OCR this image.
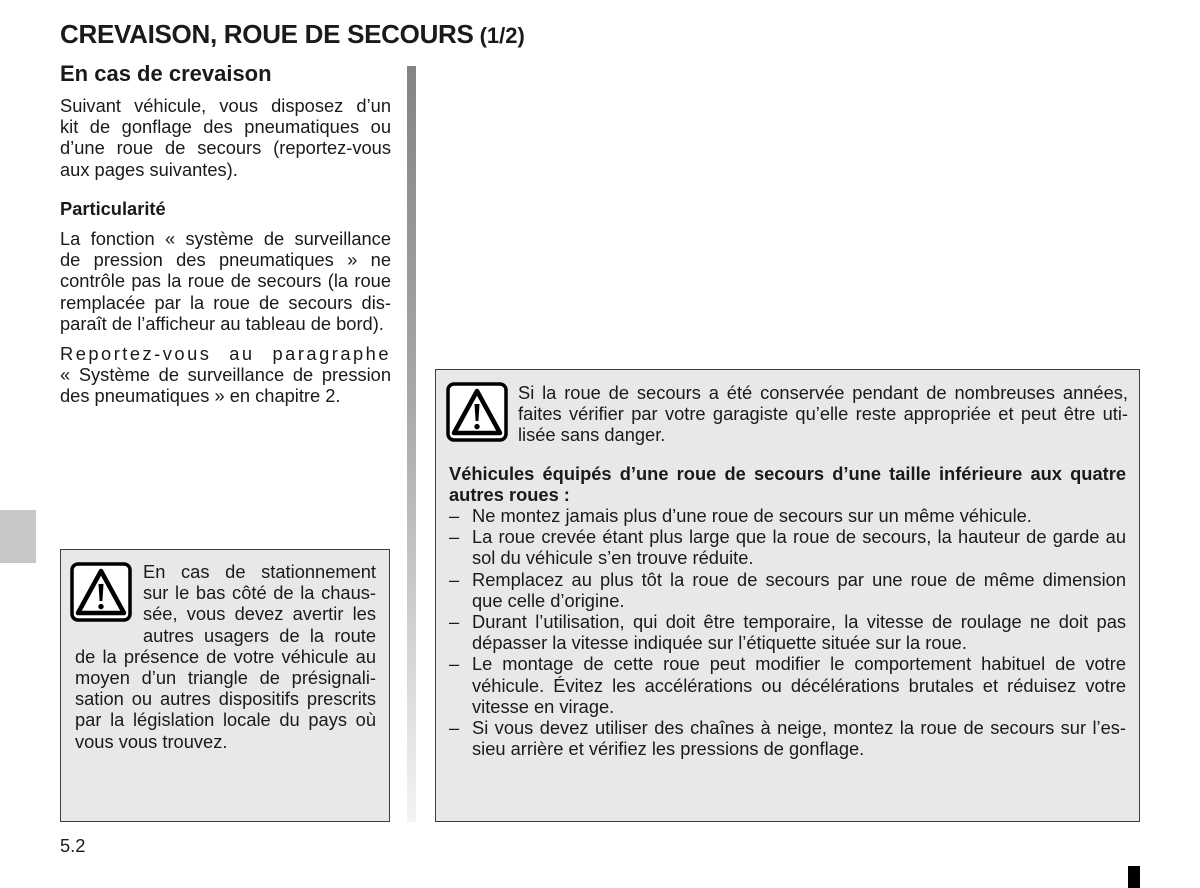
CREVAISON, ROUE DE SECOURS (1/2)
En cas de crevaison
Suivant véhicule, vous disposez d’un
kit de gonflage des pneumatiques ou
d’une roue de secours (reportez-vous
aux pages suivantes).
Particularité
La fonction « système de surveillance
de pression des pneumatiques » ne
contrôle pas la roue de secours (la roue
remplacée par la roue de secours dis-
paraît de l’afficheur au tableau de bord).
Reportez-vous au paragraphe
« Système de surveillance de pression
des pneumatiques » en chapitre 2.
En cas de stationnement
sur le bas côté de la chaus-
sée, vous devez avertir les
autres usagers de la route
de la présence de votre véhicule au
moyen d’un triangle de présignali-
sation ou autres dispositifs prescrits
par la législation locale du pays où
vous vous trouvez.
Si la roue de secours a été conservée pendant de nombreuses années,
faites vérifier par votre garagiste qu’elle reste appropriée et peut être uti-
lisée sans danger.
Véhicules équipés d’une roue de secours d’une taille inférieure aux quatre
autres roues :
– Ne montez jamais plus d’une roue de secours sur un même véhicule.
– La roue crevée étant plus large que la roue de secours, la hauteur de garde au
sol du véhicule s’en trouve réduite.
– Remplacez au plus tôt la roue de secours par une roue de même dimension
que celle d’origine.
– Durant l’utilisation, qui doit être temporaire, la vitesse de roulage ne doit pas
dépasser la vitesse indiquée sur l’étiquette située sur la roue.
– Le montage de cette roue peut modifier le comportement habituel de votre
véhicule. Évitez les accélérations ou décélérations brutales et réduisez votre
vitesse en virage.
– Si vous devez utiliser des chaînes à neige, montez la roue de secours sur l’es-
sieu arrière et vérifiez les pressions de gonflage.
5.2
